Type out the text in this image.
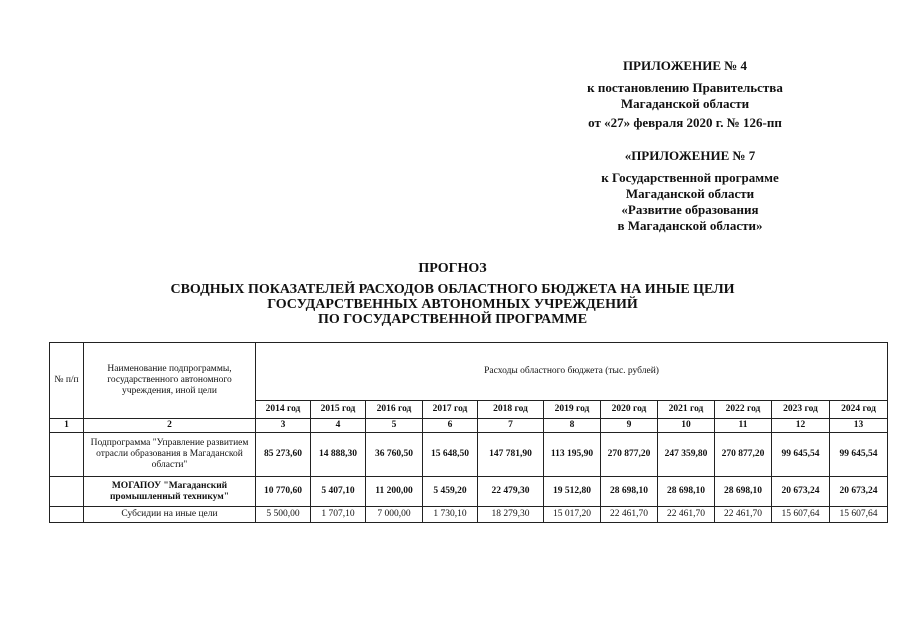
ПРИЛОЖЕНИЕ № 4
к постановлению Правительства
Магаданской области
от «27» февраля 2020 г. № 126-пп
«ПРИЛОЖЕНИЕ № 7
к Государственной программе
Магаданской области
«Развитие образования
в Магаданской области»
ПРОГНОЗ
СВОДНЫХ ПОКАЗАТЕЛЕЙ РАСХОДОВ ОБЛАСТНОГО БЮДЖЕТА НА ИНЫЕ ЦЕЛИ
ГОСУДАРСТВЕННЫХ АВТОНОМНЫХ УЧРЕЖДЕНИЙ
ПО ГОСУДАРСТВЕННОЙ ПРОГРАММЕ
№ п/п	Наименование подпрограммы, государственного автономного учреждения, иной цели	Расходы областного бюджета (тыс. рублей)										
		2014 год	2015 год	2016 год	2017 год	2018 год	2019 год	2020 год	2021 год	2022 год	2023 год	2024 год
1	2	3	4	5	6	7	8	9	10	11	12	13
	Подпрограмма "Управление развитием отрасли образования в Магаданской области"	85 273,60	14 888,30	36 760,50	15 648,50	147 781,90	113 195,90	270 877,20	247 359,80	270 877,20	99 645,54	99 645,54
	МОГАПОУ "Магаданский промышленный техникум"	10 770,60	5 407,10	11 200,00	5 459,20	22 479,30	19 512,80	28 698,10	28 698,10	28 698,10	20 673,24	20 673,24
	Субсидии на иные цели	5 500,00	1 707,10	7 000,00	1 730,10	18 279,30	15 017,20	22 461,70	22 461,70	22 461,70	15 607,64	15 607,64
